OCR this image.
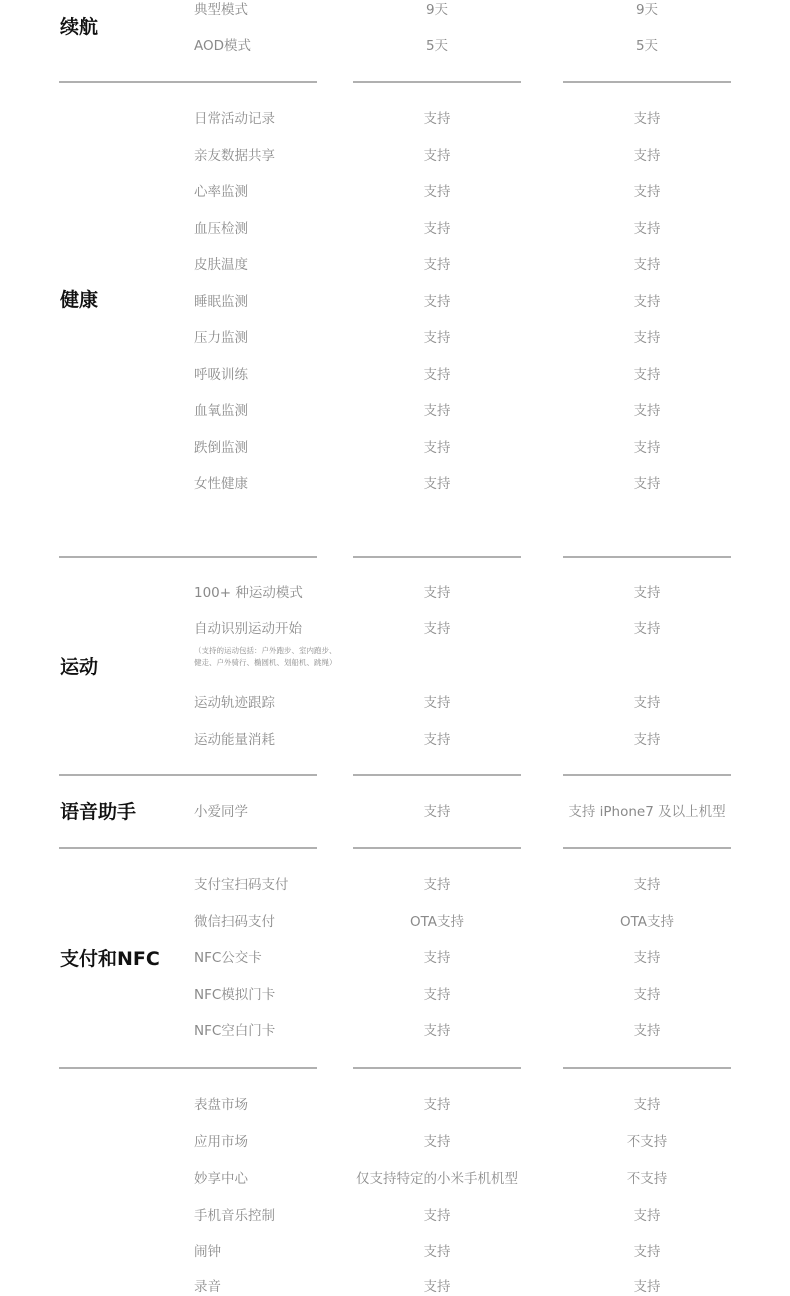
续航
典型模式	9天	9天
AOD模式	5天	5天
健康
日常活动记录	支持	支持
亲友数据共享	支持	支持
心率监测	支持	支持
血压检测	支持	支持
皮肤温度	支持	支持
睡眠监测	支持	支持
压力监测	支持	支持
呼吸训练	支持	支持
血氧监测	支持	支持
跌倒监测	支持	支持
女性健康	支持	支持
运动
100+ 种运动模式	支持	支持
自动识别运动开始	支持	支持
（支持的运动包括：户外跑步、室内跑步、
健走、户外骑行、椭圆机、划船机、跳绳）
运动轨迹跟踪	支持	支持
运动能量消耗	支持	支持
语音助手	小爱同学	支持	支持 iPhone7 及以上机型
支付和NFC
支付宝扫码支付	支持	支持
微信扫码支付	OTA支持	OTA支持
NFC公交卡	支持	支持
NFC模拟门卡	支持	支持
NFC空白门卡	支持	支持
表盘市场	支持	支持
应用市场	支持	不支持
妙享中心	仅支持特定的小米手机机型	不支持
手机音乐控制	支持	支持
闹钟	支持	支持
录音	支持	支持
